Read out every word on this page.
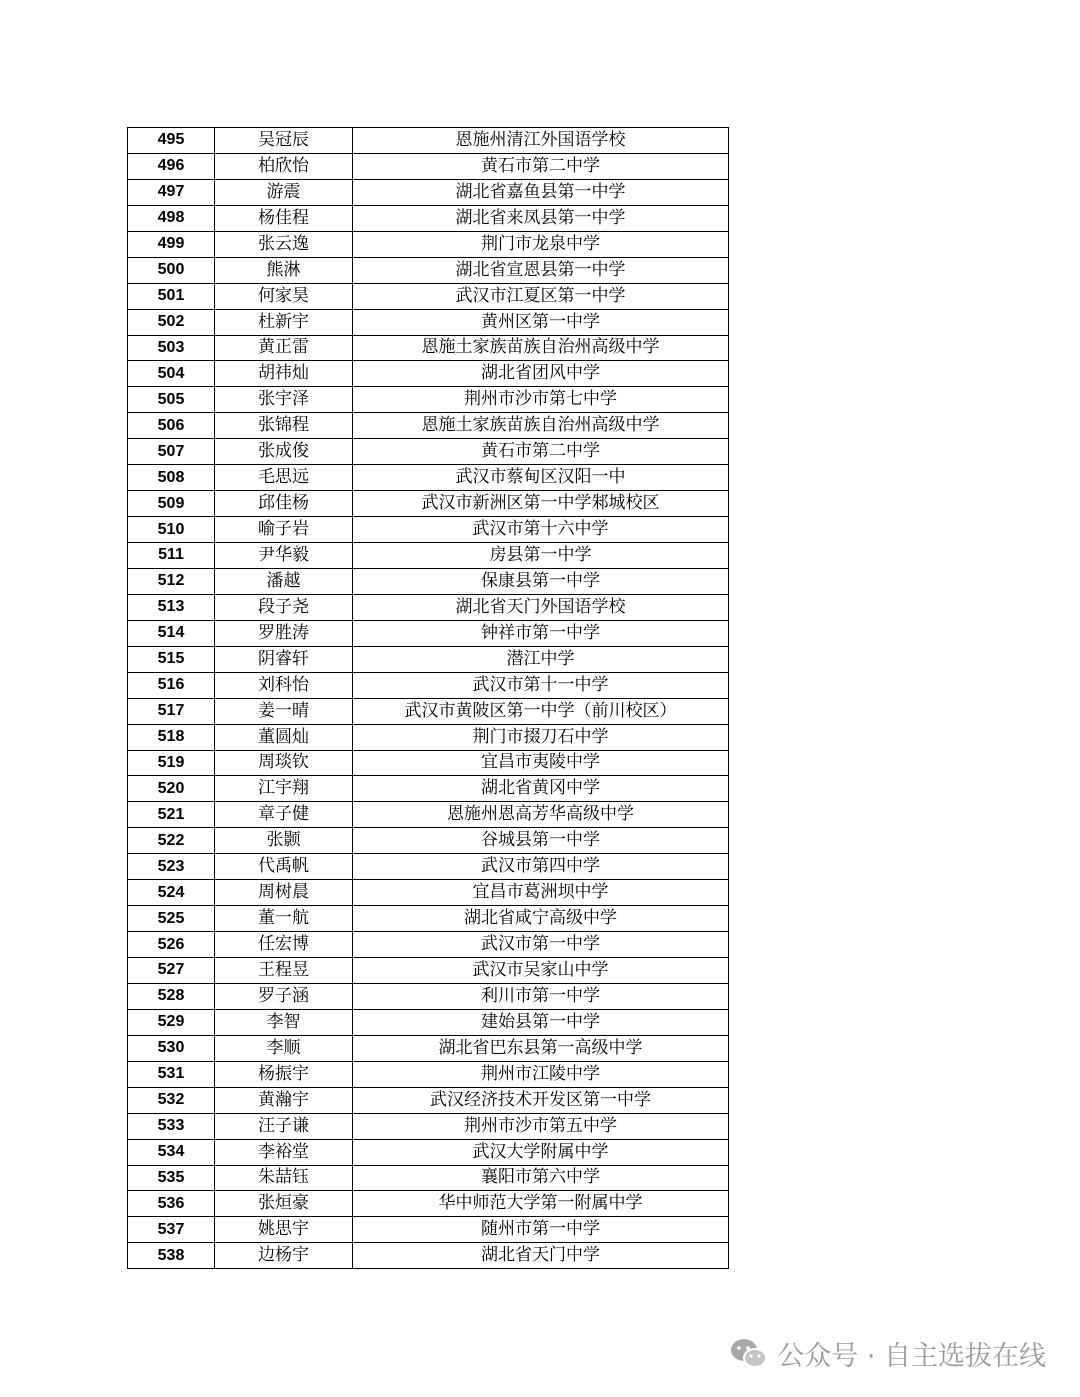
495	吴冠辰	恩施州清江外国语学校
496	柏欣怡	黄石市第二中学
497	游震	湖北省嘉鱼县第一中学
498	杨佳程	湖北省来凤县第一中学
499	张云逸	荆门市龙泉中学
500	熊淋	湖北省宣恩县第一中学
501	何家昊	武汉市江夏区第一中学
502	杜新宇	黄州区第一中学
503	黄正雷	恩施土家族苗族自治州高级中学
504	胡祎灿	湖北省团风中学
505	张宇泽	荆州市沙市第七中学
506	张锦程	恩施土家族苗族自治州高级中学
507	张成俊	黄石市第二中学
508	毛思远	武汉市蔡甸区汉阳一中
509	邱佳杨	武汉市新洲区第一中学邾城校区
510	喻子岩	武汉市第十六中学
511	尹华毅	房县第一中学
512	潘越	保康县第一中学
513	段子尧	湖北省天门外国语学校
514	罗胜涛	钟祥市第一中学
515	阴睿轩	潜江中学
516	刘科怡	武汉市第十一中学
517	姜一晴	武汉市黄陂区第一中学（前川校区）
518	董圆灿	荆门市掇刀石中学
519	周琰钦	宜昌市夷陵中学
520	江宇翔	湖北省黄冈中学
521	章子健	恩施州恩高芳华高级中学
522	张颢	谷城县第一中学
523	代禹帆	武汉市第四中学
524	周树晨	宜昌市葛洲坝中学
525	董一航	湖北省咸宁高级中学
526	任宏博	武汉市第一中学
527	王程昱	武汉市吴家山中学
528	罗子涵	利川市第一中学
529	李智	建始县第一中学
530	李顺	湖北省巴东县第一高级中学
531	杨振宇	荆州市江陵中学
532	黄瀚宇	武汉经济技术开发区第一中学
533	汪子谦	荆州市沙市第五中学
534	李裕堂	武汉大学附属中学
535	朱喆钰	襄阳市第六中学
536	张烜豪	华中师范大学第一附属中学
537	姚思宇	随州市第一中学
538	边杨宇	湖北省天门中学
公众号 · 自主选拔在线
